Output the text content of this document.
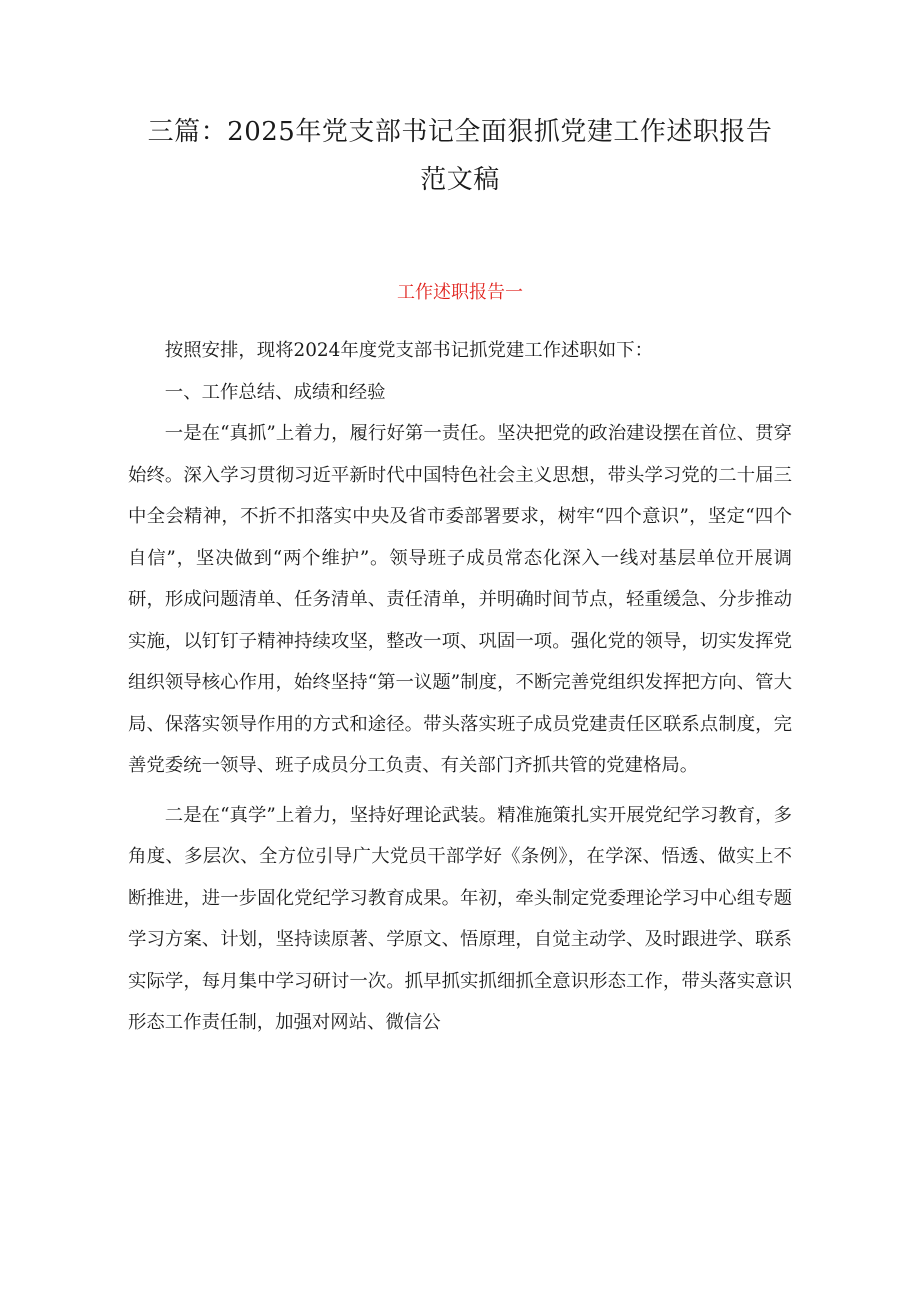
三篇：2025年党支部书记全面狠抓党建工作述职报告
范文稿
工作述职报告一

按照安排，现将2024年度党支部书记抓党建工作述职如下：

一、工作总结、成绩和经验

一是在“真抓”上着力，履行好第一责任。坚决把党的政治建设摆在首位、贯穿始终。深入学习贯彻习近平新时代中国特色社会主义思想，带头学习党的二十届三中全会精神，不折不扣落实中央及省市委部署要求，树牢“四个意识”，坚定“四个自信”，坚决做到“两个维护”。领导班子成员常态化深入一线对基层单位开展调研，形成问题清单、任务清单、责任清单，并明确时间节点，轻重缓急、分步推动实施，以钉钉子精神持续攻坚，整改一项、巩固一项。强化党的领导，切实发挥党组织领导核心作用，始终坚持“第一议题”制度，不断完善党组织发挥把方向、管大局、保落实领导作用的方式和途径。带头落实班子成员党建责任区联系点制度，完善党委统一领导、班子成员分工负责、有关部门齐抓共管的党建格局。

二是在“真学”上着力，坚持好理论武装。精准施策扎实开展党纪学习教育，多角度、多层次、全方位引导广大党员干部学好《条例》，在学深、悟透、做实上不断推进，进一步固化党纪学习教育成果。年初，牵头制定党委理论学习中心组专题学习方案、计划，坚持读原著、学原文、悟原理，自觉主动学、及时跟进学、联系实际学，每月集中学习研讨一次。抓早抓实抓细抓全意识形态工作，带头落实意识形态工作责任制，加强对网站、微信公
